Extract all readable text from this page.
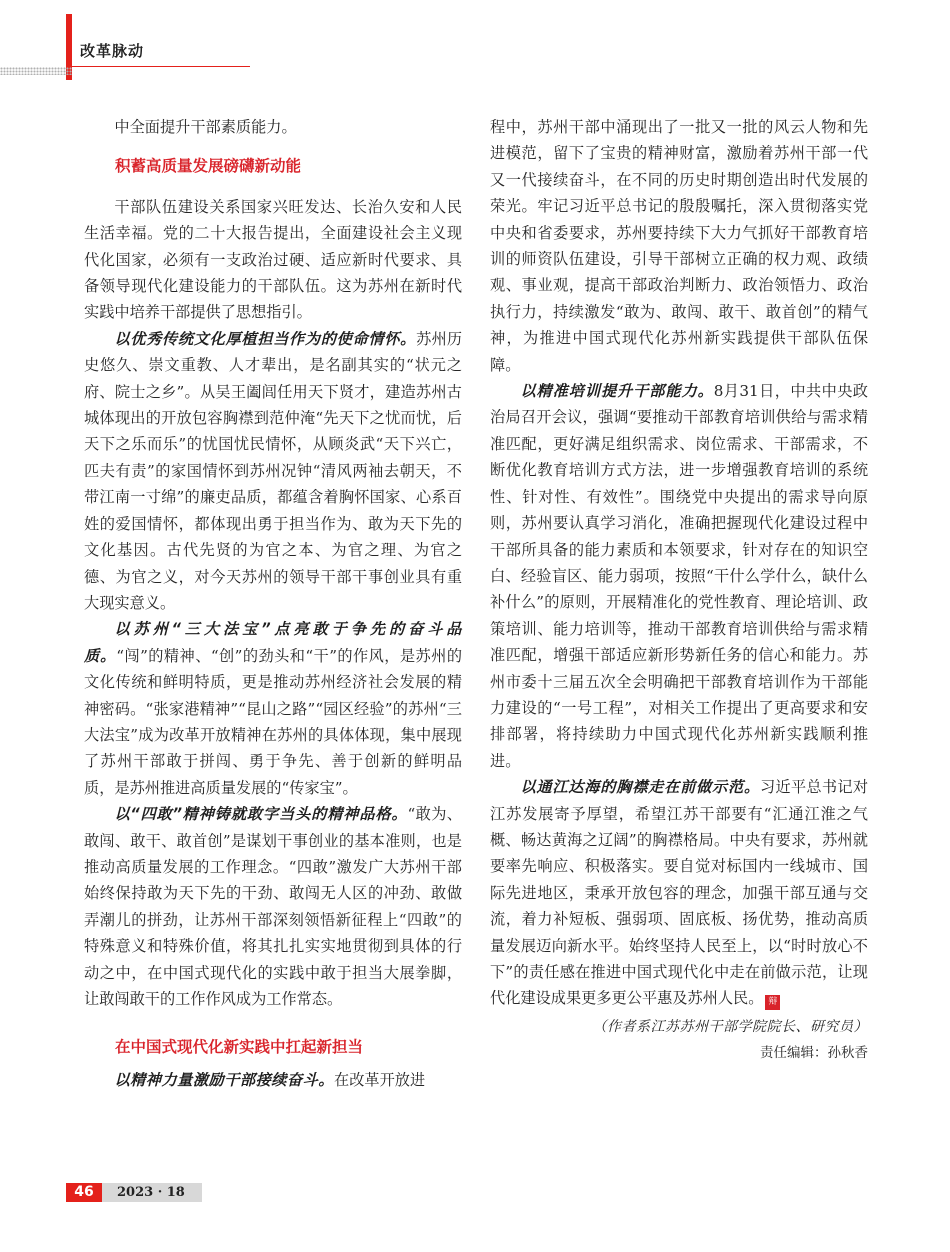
改革脉动

中全面提升干部素质能力。

积蓄高质量发展磅礴新动能

干部队伍建设关系国家兴旺发达、长治久安和人民生活幸福。党的二十大报告提出，全面建设社会主义现代化国家，必须有一支政治过硬、适应新时代要求、具备领导现代化建设能力的干部队伍。这为苏州在新时代实践中培养干部提供了思想指引。

以优秀传统文化厚植担当作为的使命情怀。苏州历史悠久、崇文重教、人才辈出，是名副其实的“状元之府、院士之乡”。从吴王阖闾任用天下贤才，建造苏州古城体现出的开放包容胸襟到范仲淹“先天下之忧而忧，后天下之乐而乐”的忧国忧民情怀，从顾炎武“天下兴亡，匹夫有责”的家国情怀到苏州况钟“清风两袖去朝天，不带江南一寸绵”的廉吏品质，都蕴含着胸怀国家、心系百姓的爱国情怀，都体现出勇于担当作为、敢为天下先的文化基因。古代先贤的为官之本、为官之理、为官之德、为官之义，对今天苏州的领导干部干事创业具有重大现实意义。

以苏州“三大法宝”点亮敢于争先的奋斗品质。“闯”的精神、“创”的劲头和“干”的作风，是苏州的文化传统和鲜明特质，更是推动苏州经济社会发展的精神密码。“张家港精神”“昆山之路”“园区经验”的苏州“三大法宝”成为改革开放精神在苏州的具体体现，集中展现了苏州干部敢于拼闯、勇于争先、善于创新的鲜明品质，是苏州推进高质量发展的“传家宝”。

以“四敢”精神铸就敢字当头的精神品格。“敢为、敢闯、敢干、敢首创”是谋划干事创业的基本准则，也是推动高质量发展的工作理念。“四敢”激发广大苏州干部始终保持敢为天下先的干劲、敢闯无人区的冲劲、敢做弄潮儿的拼劲，让苏州干部深刻领悟新征程上“四敢”的特殊意义和特殊价值，将其扎扎实实地贯彻到具体的行动之中，在中国式现代化的实践中敢于担当大展拳脚，让敢闯敢干的工作作风成为工作常态。

在中国式现代化新实践中扛起新担当

以精神力量激励干部接续奋斗。在改革开放进

程中，苏州干部中涌现出了一批又一批的风云人物和先进模范，留下了宝贵的精神财富，激励着苏州干部一代又一代接续奋斗，在不同的历史时期创造出时代发展的荣光。牢记习近平总书记的殷殷嘱托，深入贯彻落实党中央和省委要求，苏州要持续下大力气抓好干部教育培训的师资队伍建设，引导干部树立正确的权力观、政绩观、事业观，提高干部政治判断力、政治领悟力、政治执行力，持续激发“敢为、敢闯、敢干、敢首创”的精气神，为推进中国式现代化苏州新实践提供干部队伍保障。

以精准培训提升干部能力。8月31日，中共中央政治局召开会议，强调“要推动干部教育培训供给与需求精准匹配，更好满足组织需求、岗位需求、干部需求，不断优化教育培训方式方法，进一步增强教育培训的系统性、针对性、有效性”。围绕党中央提出的需求导向原则，苏州要认真学习消化，准确把握现代化建设过程中干部所具备的能力素质和本领要求，针对存在的知识空白、经验盲区、能力弱项，按照“干什么学什么，缺什么补什么”的原则，开展精准化的党性教育、理论培训、政策培训、能力培训等，推动干部教育培训供给与需求精准匹配，增强干部适应新形势新任务的信心和能力。苏州市委十三届五次全会明确把干部教育培训作为干部能力建设的“一号工程”，对相关工作提出了更高要求和安排部署，将持续助力中国式现代化苏州新实践顺利推进。

以通江达海的胸襟走在前做示范。习近平总书记对江苏发展寄予厚望，希望江苏干部要有“汇通江淮之气概、畅达黄海之辽阔”的胸襟格局。中央有要求，苏州就要率先响应、积极落实。要自觉对标国内一线城市、国际先进地区，秉承开放包容的理念，加强干部互通与交流，着力补短板、强弱项、固底板、扬优势，推动高质量发展迈向新水平。始终坚持人民至上，以“时时放心不下”的责任感在推进中国式现代化中走在前做示范，让现代化建设成果更多更公平惠及苏州人民。 辩

（作者系江苏苏州干部学院院长、研究员）

责任编辑：孙秋香

46	2023 · 18
